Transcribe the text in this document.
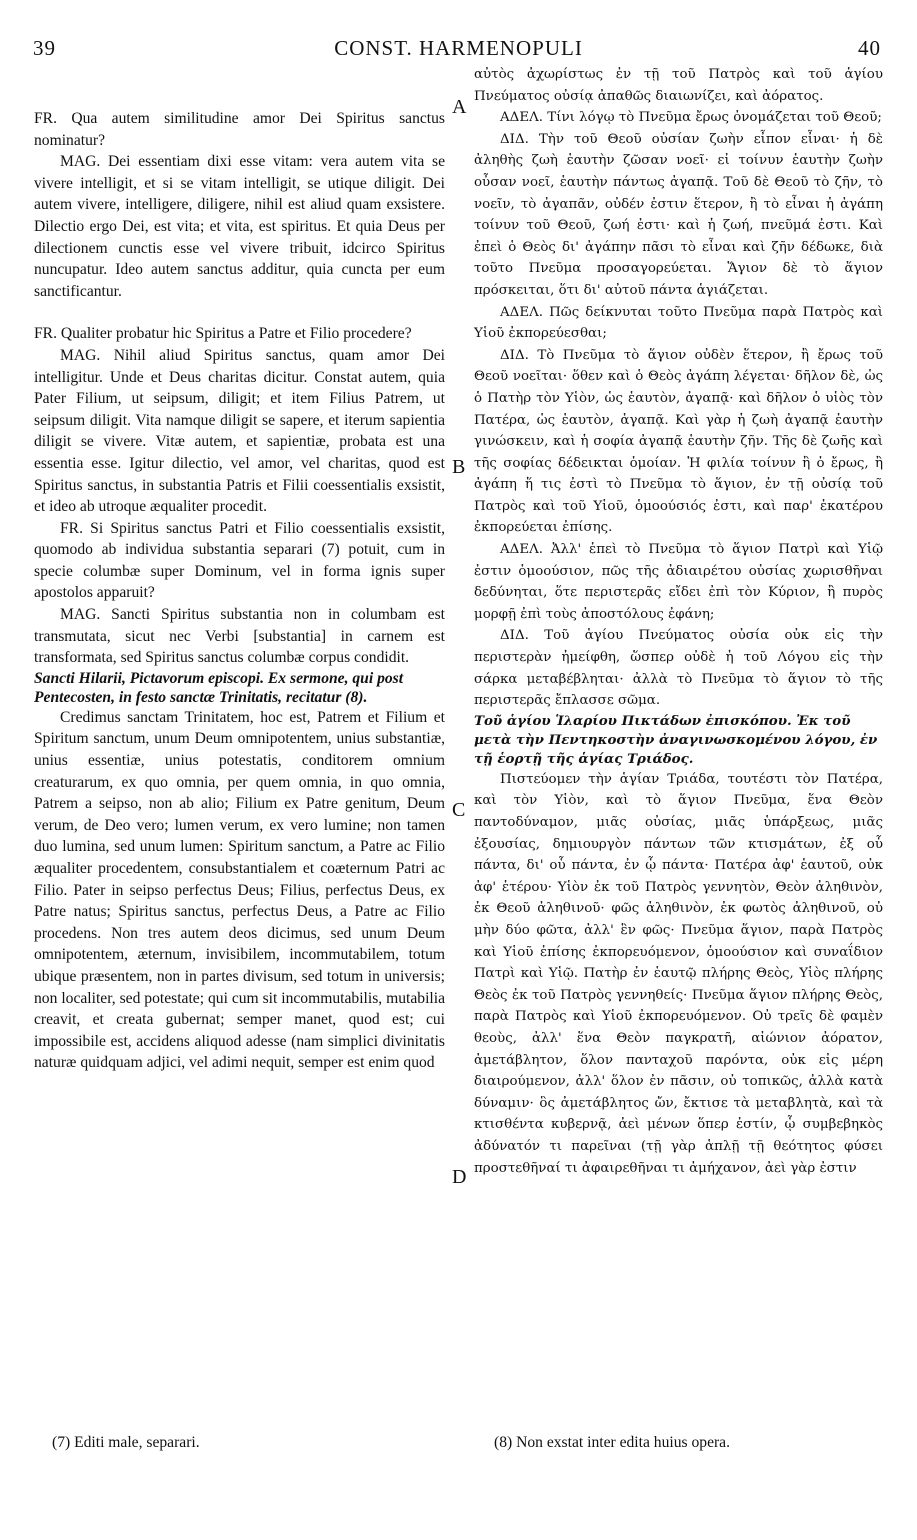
39	CONST. HARMENOPULI	40

FR. Qua autem similitudine amor Dei Spiritus sanctus nominatur?

MAG. Dei essentiam dixi esse vitam: vera autem vita se vivere intelligit, et si se vitam intelligit, se utique diligit. Dei autem vivere, intelligere, diligere, nihil est aliud quam exsistere. Dilectio ergo Dei, est vita; et vita, est spiritus. Et quia Deus per dilectionem cunctis esse vel vivere tribuit, idcirco Spiritus nuncupatur. Ideo autem sanctus additur, quia cuncta per eum sanctificantur.

FR. Qualiter probatur hic Spiritus a Patre et Filio procedere?

MAG. Nihil aliud Spiritus sanctus, quam amor Dei intelligitur. Unde et Deus charitas dicitur. Constat autem, quia Pater Filium, ut seipsum, diligit; et item Filius Patrem, ut seipsum diligit. Vita namque diligit se sapere, et iterum sapientia diligit se vivere. Vitæ autem, et sapientiæ, probata est una essentia esse. Igitur dilectio, vel amor, vel charitas, quod est Spiritus sanctus, in substantia Patris et Filii coessentialis exsistit, et ideo ab utroque æqualiter procedit.

FR. Si Spiritus sanctus Patri et Filio coessentialis exsistit, quomodo ab individua substantia separari (7) potuit, cum in specie columbæ super Dominum, vel in forma ignis super apostolos apparuit?

MAG. Sancti Spiritus substantia non in columbam est transmutata, sicut nec Verbi [substantia] in carnem est transformata, sed Spiritus sanctus columbæ corpus condidit.

Sancti Hilarii, Pictavorum episcopi. Ex sermone, qui post Pentecosten, in festo sanctæ Trinitatis, recitatur (8).

Credimus sanctam Trinitatem, hoc est, Patrem et Filium et Spiritum sanctum, unum Deum omnipotentem, unius substantiæ, unius essentiæ, unius potestatis, conditorem omnium creaturarum, ex quo omnia, per quem omnia, in quo omnia, Patrem a seipso, non ab alio; Filium ex Patre genitum, Deum verum, de Deo vero; lumen verum, ex vero lumine; non tamen duo lumina, sed unum lumen: Spiritum sanctum, a Patre ac Filio æqualiter procedentem, consubstantialem et coæternum Patri ac Filio. Pater in seipso perfectus Deus; Filius, perfectus Deus, ex Patre natus; Spiritus sanctus, perfectus Deus, a Patre ac Filio procedens. Non tres autem deos dicimus, sed unum Deum omnipotentem, æternum, invisibilem, incommutabilem, totum ubique præsentem, non in partes divisum, sed totum in universis; non localiter, sed potestate; qui cum sit incommutabilis, mutabilia creavit, et creata gubernat; semper manet, quod est; cui impossibile est, accidens aliquod adesse (nam simplici divinitatis naturæ quidquam adjici, vel adimi nequit, semper est enim quod

αὐτὸς ἀχωρίστως ἐν τῇ τοῦ Πατρὸς καὶ τοῦ ἁγίου Πνεύματος οὐσίᾳ ἀπαθῶς διαιωνίζει, καὶ ἀόρατος.

ΑΔΕΛ. Τίνι λόγῳ τὸ Πνεῦμα ἔρως ὀνομάζεται τοῦ Θεοῦ;

ΔΙΔ. Τὴν τοῦ Θεοῦ οὐσίαν ζωὴν εἶπον εἶναι· ἡ δὲ ἀληθὴς ζωὴ ἑαυτὴν ζῶσαν νοεῖ· εἰ τοίνυν ἑαυτὴν ζωὴν οὖσαν νοεῖ, ἑαυτὴν πάντως ἀγαπᾷ. Τοῦ δὲ Θεοῦ τὸ ζῆν, τὸ νοεῖν, τὸ ἀγαπᾶν, οὐδέν ἐστιν ἕτερον, ἢ τὸ εἶναι ἡ ἀγάπη τοίνυν τοῦ Θεοῦ, ζωή ἐστι· καὶ ἡ ζωή, πνεῦμά ἐστι. Καὶ ἐπεὶ ὁ Θεὸς δι' ἀγάπην πᾶσι τὸ εἶναι καὶ ζῆν δέδωκε, διὰ τοῦτο Πνεῦμα προσαγορεύεται. Ἅγιον δὲ τὸ ἅγιον πρόσκειται, ὅτι δι' αὐτοῦ πάντα ἁγιάζεται.

ΑΔΕΛ. Πῶς δείκνυται τοῦτο Πνεῦμα παρὰ Πατρὸς καὶ Υἱοῦ ἐκπορεύεσθαι;

ΔΙΔ. Τὸ Πνεῦμα τὸ ἅγιον οὐδὲν ἕτερον, ἢ ἔρως τοῦ Θεοῦ νοεῖται· ὅθεν καὶ ὁ Θεὸς ἀγάπη λέγεται· δῆλον δὲ, ὡς ὁ Πατὴρ τὸν Υἱὸν, ὡς ἑαυτὸν, ἀγαπᾷ· καὶ δῆλον ὁ υἱὸς τὸν Πατέρα, ὡς ἑαυτὸν, ἀγαπᾷ. Καὶ γὰρ ἡ ζωὴ ἀγαπᾷ ἑαυτὴν γινώσκειν, καὶ ἡ σοφία ἀγαπᾷ ἑαυτὴν ζῆν. Τῆς δὲ ζωῆς καὶ τῆς σοφίας δέδεικται ὁμοίαν. Ἡ φιλία τοίνυν ἢ ὁ ἔρως, ἢ ἀγάπη ἥ τις ἐστὶ τὸ Πνεῦμα τὸ ἅγιον, ἐν τῇ οὐσίᾳ τοῦ Πατρὸς καὶ τοῦ Υἱοῦ, ὁμοούσιός ἐστι, καὶ παρ' ἑκατέρου ἐκπορεύεται ἐπίσης.

ΑΔΕΛ. Ἀλλ' ἐπεὶ τὸ Πνεῦμα τὸ ἅγιον Πατρὶ καὶ Υἱῷ ἐστιν ὁμοούσιον, πῶς τῆς ἀδιαιρέτου οὐσίας χωρισθῆναι δεδύνηται, ὅτε περιστερᾶς εἴδει ἐπὶ τὸν Κύριον, ἢ πυρὸς μορφῇ ἐπὶ τοὺς ἀποστόλους ἐφάνη;

ΔΙΔ. Τοῦ ἁγίου Πνεύματος οὐσία οὐκ εἰς τὴν περιστερὰν ἠμείφθη, ὥσπερ οὐδὲ ἡ τοῦ Λόγου εἰς τὴν σάρκα μεταβέβληται· ἀλλὰ τὸ Πνεῦμα τὸ ἅγιον τὸ τῆς περιστερᾶς ἔπλασσε σῶμα.

Τοῦ ἁγίου Ἱλαρίου Πικτάδων ἐπισκόπου. Ἐκ τοῦ μετὰ τὴν Πεντηκοστὴν ἀναγινωσκομένου λόγου, ἐν τῇ ἑορτῇ τῆς ἁγίας Τριάδος.

Πιστεύομεν τὴν ἁγίαν Τριάδα, τουτέστι τὸν Πατέρα, καὶ τὸν Υἱὸν, καὶ τὸ ἅγιον Πνεῦμα, ἕνα Θεὸν παντοδύναμον, μιᾶς οὐσίας, μιᾶς ὑπάρξεως, μιᾶς ἐξουσίας, δημιουργὸν πάντων τῶν κτισμάτων, ἐξ οὗ πάντα, δι' οὗ πάντα, ἐν ᾧ πάντα· Πατέρα ἀφ' ἑαυτοῦ, οὐκ ἀφ' ἑτέρου· Υἱὸν ἐκ τοῦ Πατρὸς γεννητὸν, Θεὸν ἀληθινὸν, ἐκ Θεοῦ ἀληθινοῦ· φῶς ἀληθινὸν, ἐκ φωτὸς ἀληθινοῦ, οὐ μὴν δύο φῶτα, ἀλλ' ἓν φῶς· Πνεῦμα ἅγιον, παρὰ Πατρὸς καὶ Υἱοῦ ἐπίσης ἐκπορευόμενον, ὁμοούσιον καὶ συναΐδιον Πατρὶ καὶ Υἱῷ. Πατὴρ ἐν ἑαυτῷ πλήρης Θεὸς, Υἱὸς πλήρης Θεὸς ἐκ τοῦ Πατρὸς γεννηθείς· Πνεῦμα ἅγιον πλήρης Θεὸς, παρὰ Πατρὸς καὶ Υἱοῦ ἐκπορευόμενον. Οὐ τρεῖς δὲ φαμὲν θεοὺς, ἀλλ' ἕνα Θεὸν παγκρατῆ, αἰώνιον ἀόρατον, ἀμετάβλητον, ὅλον πανταχοῦ παρόντα, οὐκ εἰς μέρη διαιρούμενον, ἀλλ' ὅλον ἐν πᾶσιν, οὐ τοπικῶς, ἀλλὰ κατὰ δύναμιν· ὃς ἀμετάβλητος ὤν, ἔκτισε τὰ μεταβλητὰ, καὶ τὰ κτισθέντα κυβερνᾷ, ἀεὶ μένων ὅπερ ἐστίν, ᾧ συμβεβηκὸς ἀδύνατόν τι παρεῖναι (τῇ γὰρ ἁπλῇ τῇ θεότητος φύσει προστεθῆναί τι ἀφαιρεθῆναι τι ἀμήχανον, ἀεὶ γὰρ ἐστιν

A
B
C
D
(7) Editi male, separari.	(8) Non exstat inter edita huius opera.
